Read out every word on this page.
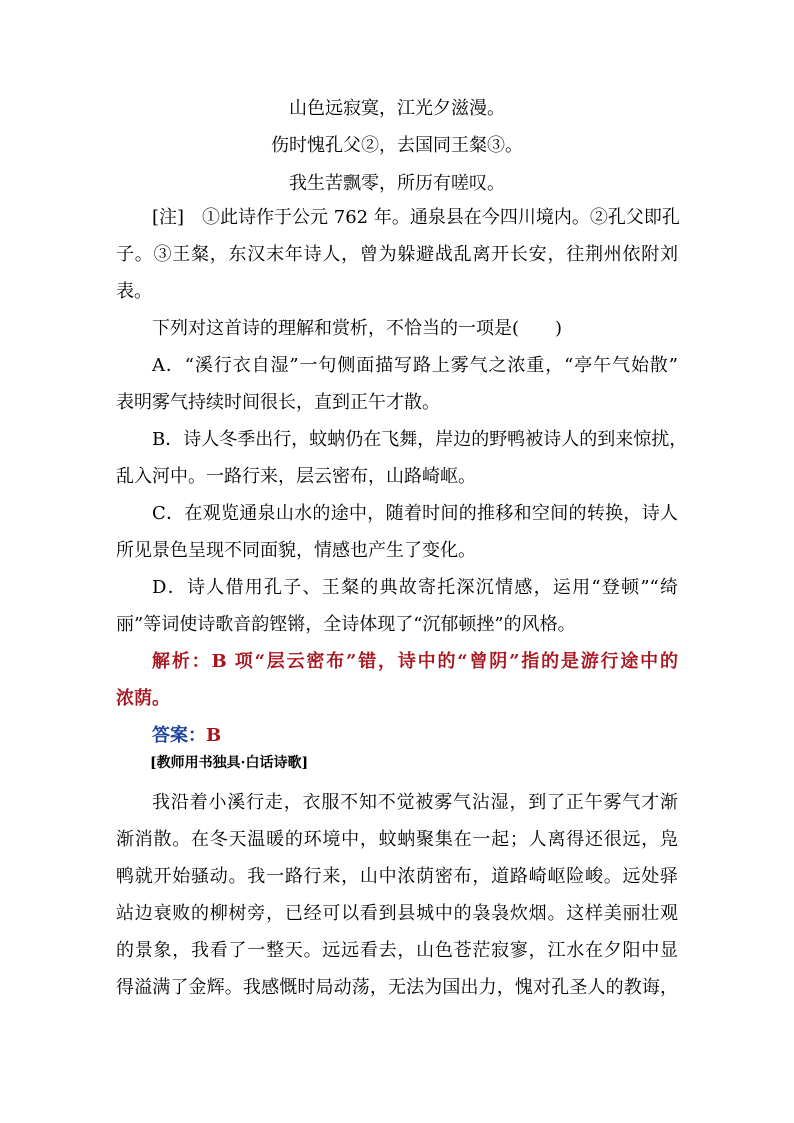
山色远寂寞，江光夕滋漫。
伤时愧孔父②，去国同王粲③。
我生苦飘零，所历有嗟叹。
[注]　 ①此诗作于公元 762 年。通泉县在今四川境内。②孔父即孔
子。③王粲，东汉末年诗人，曾为躲避战乱离开长安，往荆州依附刘
表。
下列对这首诗的理解和赏析，不恰当的一项是(　　)
A．“溪行衣自湿”一句侧面描写路上雾气之浓重，“亭午气始散”
表明雾气持续时间很长，直到正午才散。
B．诗人冬季出行，蚊蚋仍在飞舞，岸边的野鸭被诗人的到来惊扰，
乱入河中。一路行来，层云密布，山路崎岖。
C．在观览通泉山水的途中，随着时间的推移和空间的转换，诗人
所见景色呈现不同面貌，情感也产生了变化。
D．诗人借用孔子、王粲的典故寄托深沉情感，运用“登顿”“绮
丽”等词使诗歌音韵铿锵，全诗体现了“沉郁顿挫”的风格。
解析：B 项“层云密布”错，诗中的“曾阴”指的是游行途中的
浓荫。
答案：B
[教师用书独具·白话诗歌]
我沿着小溪行走，衣服不知不觉被雾气沾湿，到了正午雾气才渐
渐消散。在冬天温暖的环境中，蚊蚋聚集在一起；人离得还很远，凫
鸭就开始骚动。我一路行来，山中浓荫密布，道路崎岖险峻。远处驿
站边衰败的柳树旁，已经可以看到县城中的袅袅炊烟。这样美丽壮观
的景象，我看了一整天。远远看去，山色苍茫寂寥，江水在夕阳中显
得溢满了金辉。我感慨时局动荡，无法为国出力，愧对孔圣人的教诲，
